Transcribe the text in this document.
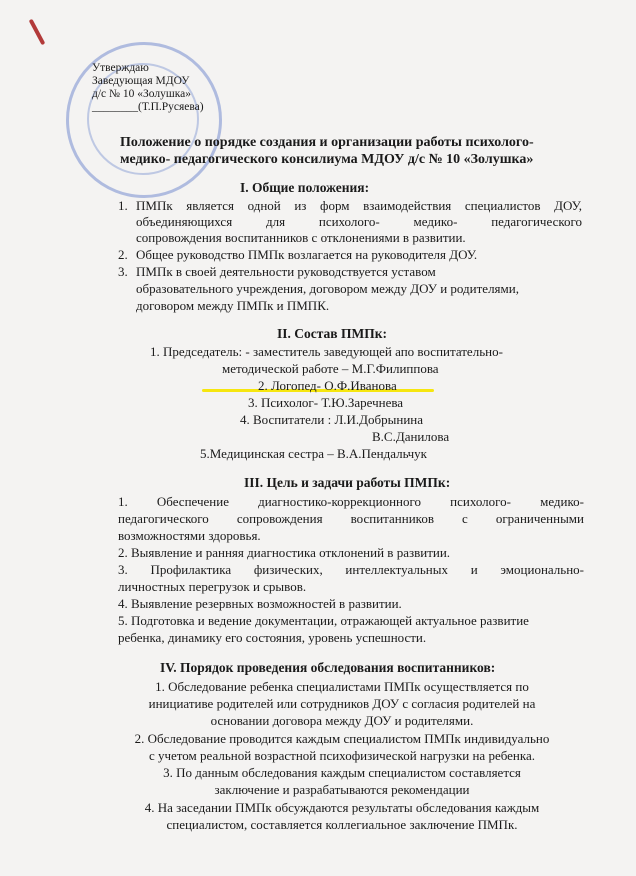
Утверждаю
Заведующая МДОУ
д/с № 10 «Золушка»
________(Т.П.Русяева)
Положение о порядке создания и организации работы психолого-
медико- педагогического консилиума МДОУ д/с № 10 «Золушка»
I. Общие положения:
1. ПМПк является одной из форм взаимодействия специалистов ДОУ,
объединяющихся для психолого- медико- педагогического
сопровождения воспитанников с отклонениями в развитии.
2. Общее руководство ПМПк возлагается на руководителя ДОУ.
3. ПМПк в своей деятельности руководствуется уставом
образовательного учреждения, договором между ДОУ и родителями,
договором между ПМПк и ПМПК.
II. Состав ПМПк:
1. Председатель: - заместитель заведующей апо воспитательно-
методической работе – М.Г.Филиппова
2. Логопед- О.Ф.Иванова
3. Психолог- Т.Ю.Заречнева
4. Воспитатели : Л.И.Добрынина
В.С.Данилова
5.Медицинская сестра – В.А.Пендальчук
III. Цель и задачи работы ПМПк:
1. Обеспечение диагностико-коррекционного психолого- медико-
педагогического сопровождения воспитанников с ограниченными
возможностями здоровья.
2. Выявление и ранняя диагностика отклонений в развитии.
3. Профилактика физических, интеллектуальных и эмоционально-
личностных перегрузок и срывов.
4. Выявление резервных возможностей в развитии.
5. Подготовка и ведение документации, отражающей актуальное развитие
ребенка, динамику его состояния, уровень успешности.
IV. Порядок проведения обследования воспитанников:
1. Обследование ребенка специалистами ПМПк осуществляется по
инициативе родителей или сотрудников ДОУ с согласия родителей на
основании договора между ДОУ и родителями.
2. Обследование проводится каждым специалистом ПМПк индивидуально
с учетом реальной возрастной психофизической нагрузки на ребенка.
3. По данным обследования каждым специалистом составляется
заключение и разрабатываются рекомендации
4. На заседании ПМПк обсуждаются результаты обследования каждым
специалистом, составляется коллегиальное заключение ПМПк.
